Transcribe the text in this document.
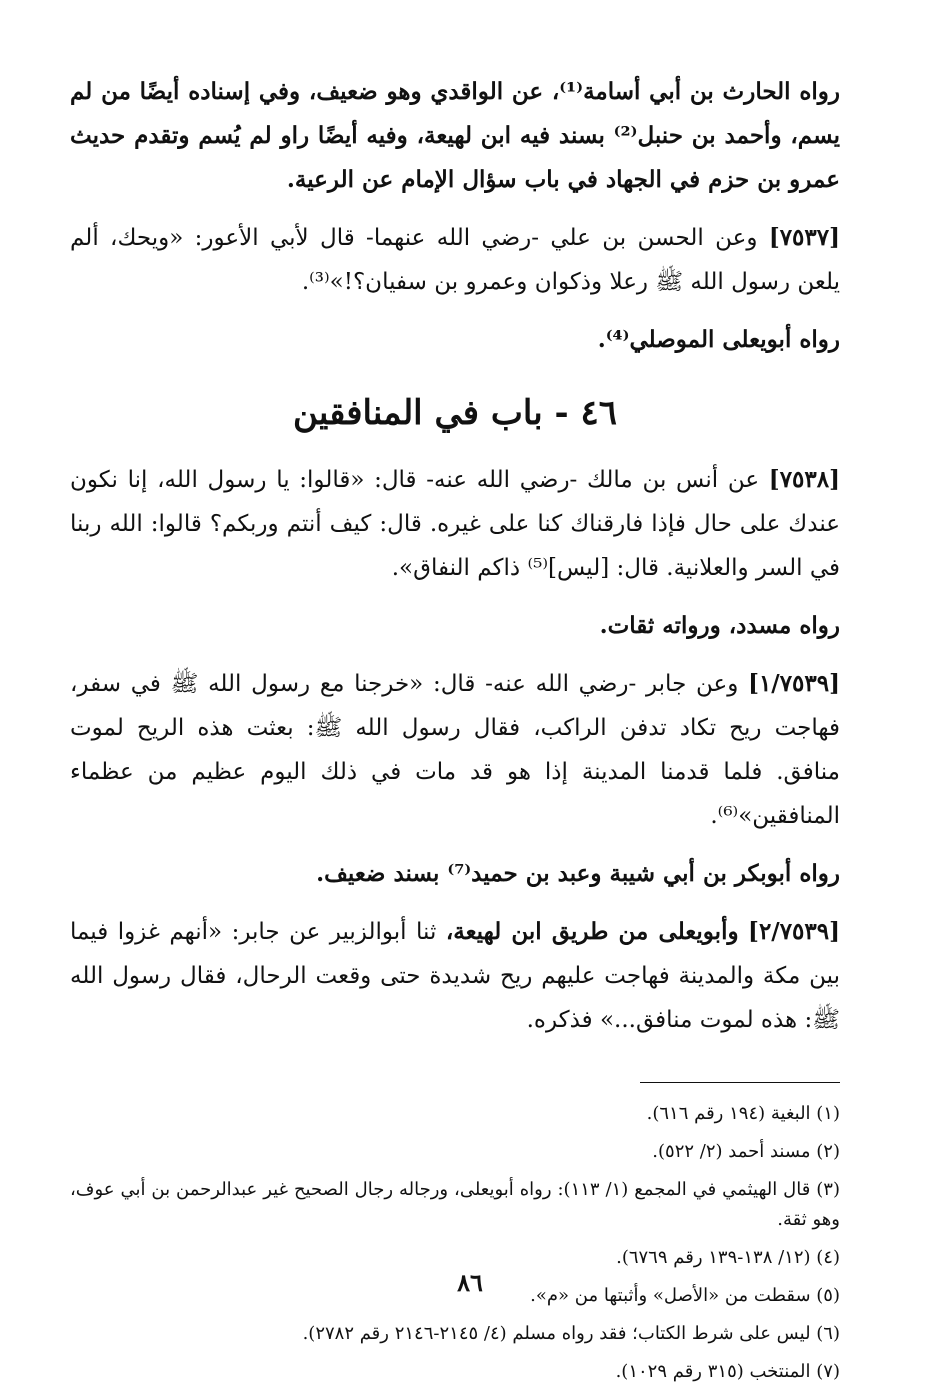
رواه الحارث بن أبي أسامة⁽¹⁾، عن الواقدي وهو ضعيف، وفي إسناده أيضًا من لم يسم، وأحمد بن حنبل⁽²⁾ بسند فيه ابن لهيعة، وفيه أيضًا راو لم يُسم وتقدم حديث عمرو بن حزم في الجهاد في باب سؤال الإمام عن الرعية.

[٧٥٣٧] وعن الحسن بن علي -رضي الله عنهما- قال لأبي الأعور: «ويحك، ألم يلعن رسول الله ﷺ رعلا وذكوان وعمرو بن سفيان؟!»⁽³⁾.

رواه أبويعلى الموصلي⁽⁴⁾.

٤٦ - باب في المنافقين

[٧٥٣٨] عن أنس بن مالك -رضي الله عنه- قال: «قالوا: يا رسول الله، إنا نكون عندك على حال فإذا فارقناك كنا على غيره. قال: كيف أنتم وربكم؟ قالوا: الله ربنا في السر والعلانية. قال: [ليس]⁽⁵⁾ ذاكم النفاق».

رواه مسدد، ورواته ثقات.

[١/٧٥٣٩] وعن جابر -رضي الله عنه- قال: «خرجنا مع رسول الله ﷺ في سفر، فهاجت ريح تكاد تدفن الراكب، فقال رسول الله ﷺ: بعثت هذه الريح لموت منافق. فلما قدمنا المدينة إذا هو قد مات في ذلك اليوم عظيم من عظماء المنافقين»⁽⁶⁾.

رواه أبوبكر بن أبي شيبة وعبد بن حميد⁽⁷⁾ بسند ضعيف.

[٢/٧٥٣٩] وأبويعلى من طريق ابن لهيعة، ثنا أبوالزبير عن جابر: «أنهم غزوا فيما بين مكة والمدينة فهاجت عليهم ريح شديدة حتى وقعت الرحال، فقال رسول الله ﷺ: هذه لموت منافق...» فذكره.

(١) البغية (١٩٤ رقم ٦١٦).

(٢) مسند أحمد (٢/ ٥٢٢).

(٣) قال الهيثمي في المجمع (١/ ١١٣): رواه أبويعلى، ورجاله رجال الصحيح غير عبدالرحمن بن أبي عوف، وهو ثقة.

(٤) (١٢/ ١٣٨-١٣٩ رقم ٦٧٦٩).

(٥) سقطت من «الأصل» وأثبتها من «م».

(٦) ليس على شرط الكتاب؛ فقد رواه مسلم (٤/ ٢١٤٥-٢١٤٦ رقم ٢٧٨٢).

(٧) المنتخب (٣١٥ رقم ١٠٢٩).

٨٦
